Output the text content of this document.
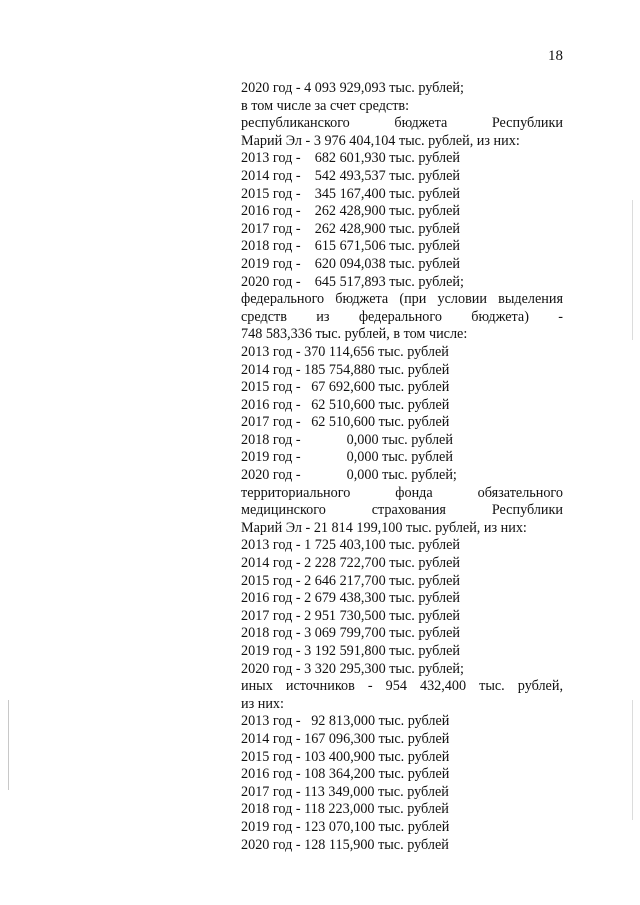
18
2020 год - 4 093 929,093 тыс. рублей;
в том числе за счет средств:
республиканского бюджета Республики
Марий Эл - 3 976 404,104 тыс. рублей, из них:
2013 год -    682 601,930 тыс. рублей
2014 год -    542 493,537 тыс. рублей
2015 год -    345 167,400 тыс. рублей
2016 год -    262 428,900 тыс. рублей
2017 год -    262 428,900 тыс. рублей
2018 год -    615 671,506 тыс. рублей
2019 год -    620 094,038 тыс. рублей
2020 год -    645 517,893 тыс. рублей;
федерального бюджета (при условии выделения
средств из федерального бюджета) -
748 583,336 тыс. рублей, в том числе:
2013 год - 370 114,656 тыс. рублей
2014 год - 185 754,880 тыс. рублей
2015 год -   67 692,600 тыс. рублей
2016 год -   62 510,600 тыс. рублей
2017 год -   62 510,600 тыс. рублей
2018 год -             0,000 тыс. рублей
2019 год -             0,000 тыс. рублей
2020 год -             0,000 тыс. рублей;
территориального фонда обязательного
медицинского страхования Республики
Марий Эл - 21 814 199,100 тыс. рублей, из них:
2013 год - 1 725 403,100 тыс. рублей
2014 год - 2 228 722,700 тыс. рублей
2015 год - 2 646 217,700 тыс. рублей
2016 год - 2 679 438,300 тыс. рублей
2017 год - 2 951 730,500 тыс. рублей
2018 год - 3 069 799,700 тыс. рублей
2019 год - 3 192 591,800 тыс. рублей
2020 год - 3 320 295,300 тыс. рублей;
иных источников - 954 432,400 тыс. рублей,
из них:
2013 год -   92 813,000 тыс. рублей
2014 год - 167 096,300 тыс. рублей
2015 год - 103 400,900 тыс. рублей
2016 год - 108 364,200 тыс. рублей
2017 год - 113 349,000 тыс. рублей
2018 год - 118 223,000 тыс. рублей
2019 год - 123 070,100 тыс. рублей
2020 год - 128 115,900 тыс. рублей
